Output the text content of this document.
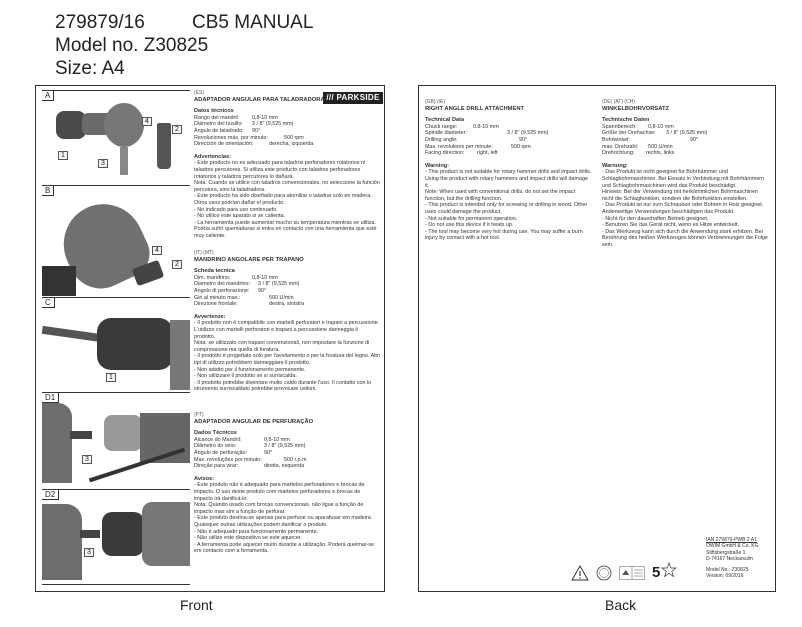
279879/16 CB5 MANUAL
Model no. Z30825
Size: A4
A
1
2
3
4
B
4
2
C
1
D1
3
D2
3
/// PARKSIDE
(ES)
ADAPTADOR ANGULAR PARA TALADRADORA
Datos técnicos
Rango del mandril:	0,8-10 mm
Diámetro del husillo:	3 / 8" (9,525 mm)
Ángulo de taladrado:	90°
Revoluciones máx. por minuto:	500 rpm
Dirección de orientación:	derecha, izquierda
Advertencias:

- Este producto no es adecuado para taladros perforadores rotatorios ni taladros percutores. Si utiliza este producto con taladros perforadores rotatorios y taladros percutores lo dañará.

Nota: Cuando se utilice con taladros convencionales, no seleccione la función percutora, sino la taladradora.

- Este producto ha sido diseñado para atornillar o taladrar solo en madera. Otros usos podrían dañar el producto.

- No indicado para uso continuado.

- No utilice este aparato si se calienta.

- La herramienta puede aumentar mucho su temperatura mientras se utiliza. Podría sufrir quemaduras si entra en contacto con una herramienta que esté muy caliente.

(IT) (MT)
MANDRINO ANGOLARE PER TRAPANO
Scheda tecnica
Dim. mandrino:	0,8-10 mm
Diametro del mandrino:	3 / 8" (9,525 mm)
Angolo di perforazione:	90°
Giri al minuto max.:	500 U/min
Direzione frontale:	destra, sinistra
Avvertenze:

- Il prodotto non è compatibile con martelli perforatori e trapani a percussione. L'utilizzo con martelli perforatori e trapani a percussione danneggia il prodotto.

Nota: se utilizzato con trapani convenzionali, non impostare la funzione di compressione ma quella di foratura.

- Il prodotto è progettato solo per l'avvitamento o per la foratura del legno. Altri tipi di utilizzo potrebbero danneggiare il prodotto.

- Non adatto per il funzionamento permanente.

- Non utilizzare il prodotto se si surriscalda.

- Il prodotto potrebbe diventare molto caldo durante l'uso. Il contatto con lo strumento surriscaldato potrebbe provocare ustioni.

(PT)
ADAPTADOR ANGULAR DE PERFURAÇÃO
Dados Técnicos
Alcance do Mandril:	0,8-10 mm
Diâmetro do veio:	3 / 8" (9,525 mm)
Ângulo de perfuração:	90°
Max. revoluções por minuto:	500 r.p.m
Direção para virar:	direita, esquerda
Avisos:

- Este produto não é adequado para martelos perfuradores e brocas de impacto. O uso deste produto com martelos perfuradores e brocas de impacto irá danificá-lo.

Nota: Quando usado com brocas convencionais, não ligue a função de impacto mas sim a função de perfurar.

- Este produto destina-se apenas para perfurar ou aparafusar em madeira. Quaisquer outras utilizações podem danificar o produto.

- Não é adequado para funcionamento permanente.

- Não utilize este dispositivo se este aquecer.

- A ferramenta pode aquecer muito durante a utilização. Poderá queimar-se em contacto com a ferramenta.

(GB) (IE)
RIGHT ANGLE DRILL ATTACHMENT
Technical Data
Chuck range:	0.8-10 mm
Spindle diameter:	3 / 8" (9.525 mm)
Drilling angle:	90°
Max. revolutions per minute:	500 rpm
Facing direction:	right, left
Warning:

- This product is not suitable for rotary hammer drills and impact drills. Using the product with rotary hammers and impact drills will damage it.

Note: When used with conventional drills, do not set the impact function, but the drilling function.

- This product is intended only for screwing or drilling in wood. Other uses could damage the product.

- Not suitable for permanent operation.

- Do not use this device if it heats up.

- The tool may become very hot during use. You may suffer a burn injury by contact with a hot tool.

(DE) (AT) (CH)
WINKELBOHRVORSATZ
Technische Daten
Spannbereich:	0,8-10 mm
Größe der Drehachse:	3 / 8" (9,525 mm)
Bohrwinkel:	90°
max. Drehzahl:	500 U/min
Drehrichtung:	rechts, links
Warnung:

- Das Produkt ist nicht geeignet für Bohrhämmer und Schlagbohrmaschinen. Bei Einsatz in Verbindung mit Bohrhämmern und Schlagbohrmaschinen wird das Produkt beschädigt.

Hinweis: Bei der Verwendung mit herkömmlichen Bohrmaschinen nicht die Schlagfunktion, sondern die Bohrfunktion einstellen.

- Das Produkt ist nur zum Schrauben oder Bohren in Holz geeignet. Anderweitige Verwendungen beschädigen das Produkt.

- Nicht für den dauerhaften Betrieb geeignet.

- Benutzen Sie das Gerät nicht, wenn es Hitze entwickelt.

- Das Werkzeug kann sich durch die Anwendung stark erhitzen. Bei Berührung des heißen Werkzeuges können Verbrennungen die Folge sein.

5
IAN 279879-PWB 2 A1
OWIM GmbH & Co. KG
Stiftsbergstraße 1
D-74167 Neckarsulm
Model No.: Z30825
Version: 09/2016
Front	Back
